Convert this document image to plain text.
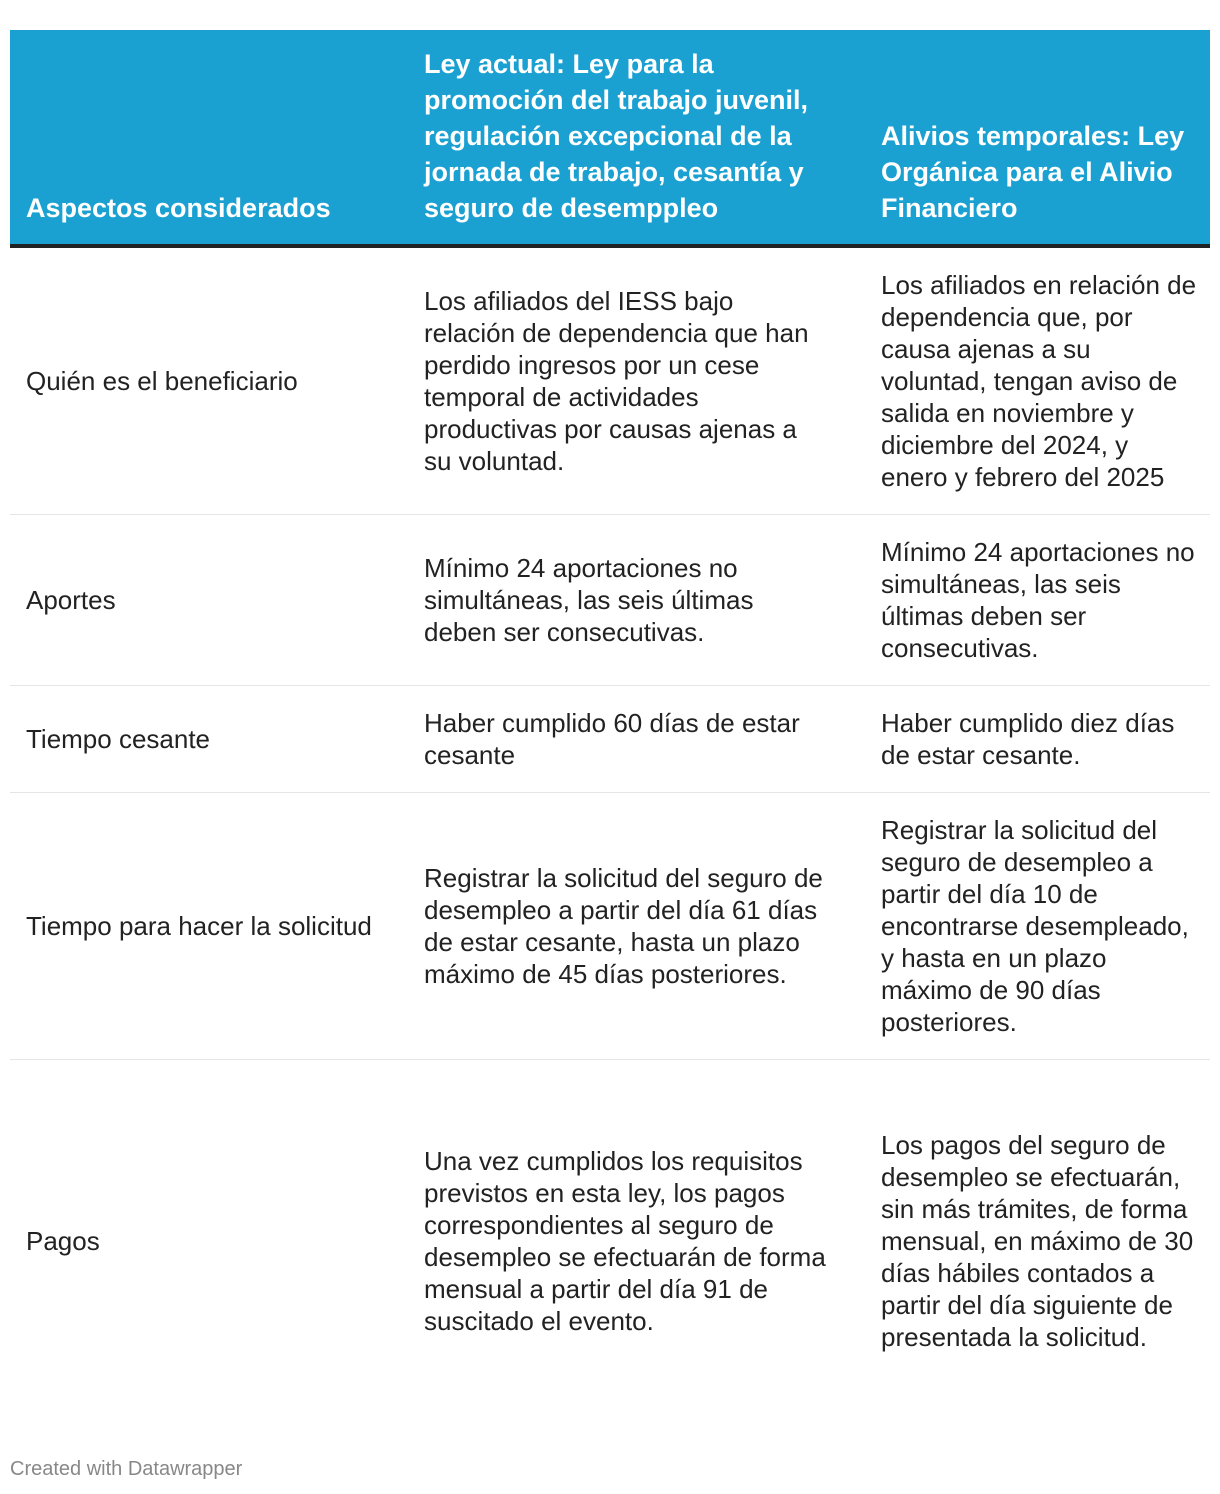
Aspectos considerados	Ley actual: Ley para la promoción del trabajo juvenil, regulación excepcional de la jornada de trabajo, cesantía y seguro de desemppleo	Alivios temporales: Ley Orgánica para el Alivio Financiero
Quién es el beneficiario	Los afiliados del IESS bajo relación de dependencia que han perdido ingresos por un cese temporal de actividades productivas por causas ajenas a su voluntad.	Los afiliados en relación de dependencia que, por causa ajenas a su voluntad, tengan aviso de salida en noviembre y diciembre del 2024, y enero y febrero del 2025
Aportes	Mínimo 24 aportaciones no simultáneas, las seis últimas deben ser consecutivas.	Mínimo 24 aportaciones no simultáneas, las seis últimas deben ser consecutivas.
Tiempo cesante	Haber cumplido 60 días de estar cesante	Haber cumplido diez días de estar cesante.
Tiempo para hacer la solicitud	Registrar la solicitud del seguro de desempleo a partir del día 61 días de estar cesante, hasta un plazo máximo de 45 días posteriores.	Registrar la solicitud del seguro de desempleo a partir del día 10 de encontrarse desempleado, y hasta en un plazo máximo de 90 días posteriores.
Pagos	Una vez cumplidos los requisitos previstos en esta ley, los pagos correspondientes al seguro de desempleo se efectuarán de forma mensual a partir del día 91 de suscitado el evento.	Los pagos del seguro de desempleo se efectuarán, sin más trámites, de forma mensual, en máximo de 30 días hábiles contados a partir del día siguiente de presentada la solicitud.
Created with Datawrapper
